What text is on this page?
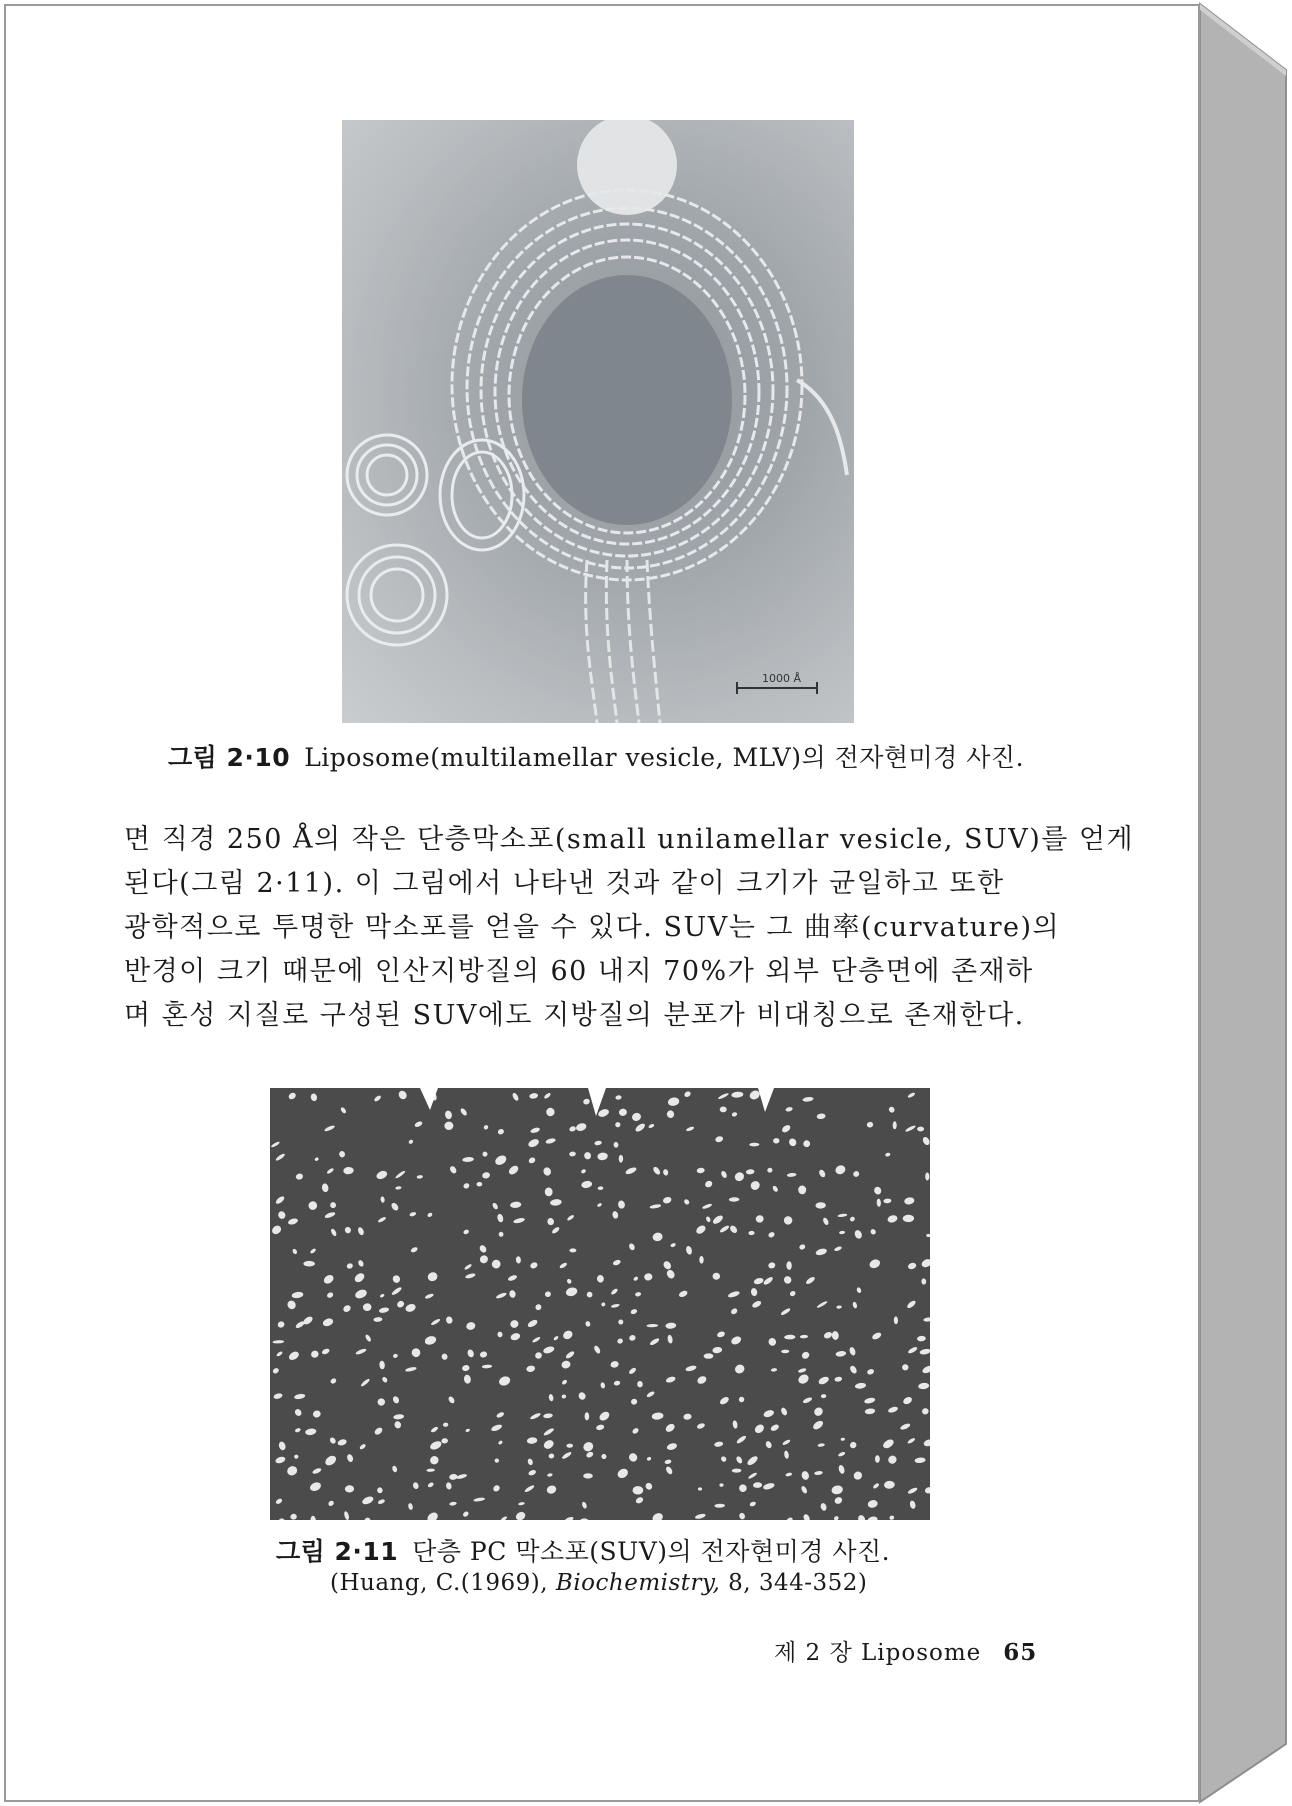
1000 Å
그림 2·10 Liposome(multilamellar vesicle, MLV)의 전자현미경 사진.
면 직경 250 Å의 작은 단층막소포(small unilamellar vesicle, SUV)를 얻게
된다(그림 2·11). 이 그림에서 나타낸 것과 같이 크기가 균일하고 또한
광학적으로 투명한 막소포를 얻을 수 있다. SUV는 그 曲率(curvature)의
반경이 크기 때문에 인산지방질의 60 내지 70%가 외부 단층면에 존재하
며 혼성 지질로 구성된 SUV에도 지방질의 분포가 비대칭으로 존재한다.
그림 2·11 단층 PC 막소포(SUV)의 전자현미경 사진.
(Huang, C.(1969), Biochemistry, 8, 344-352)
제 2 장 Liposome 65
